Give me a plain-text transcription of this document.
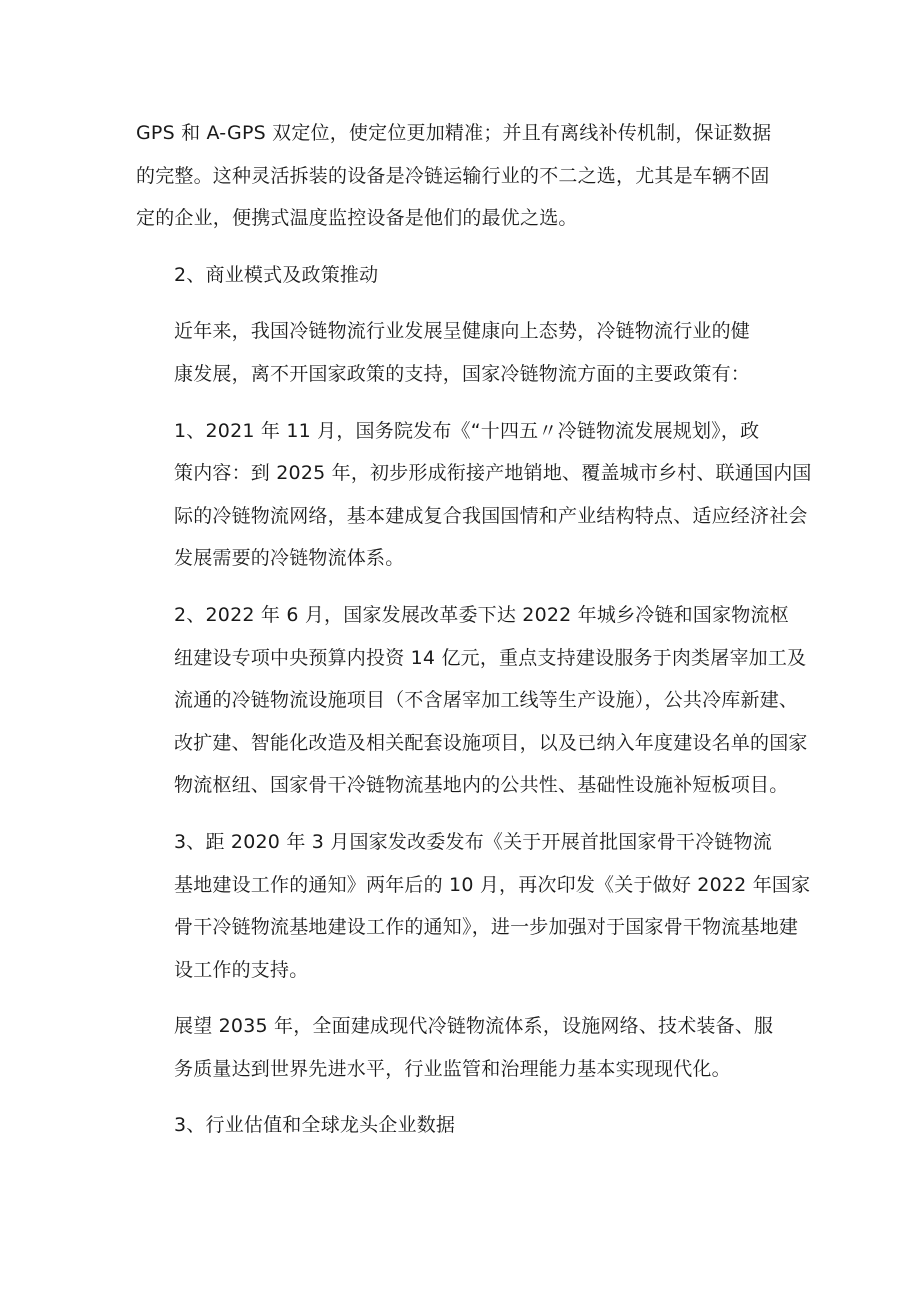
GPS 和 A-GPS 双定位，使定位更加精准；并且有离线补传机制，保证数据
的完整。这种灵活拆装的设备是冷链运输行业的不二之选，尤其是车辆不固
定的企业，便携式温度监控设备是他们的最优之选。

2、商业模式及政策推动

近年来，我国冷链物流行业发展呈健康向上态势，冷链物流行业的健
康发展，离不开国家政策的支持，国家冷链物流方面的主要政策有：

1、2021 年 11 月，国务院发布《“十四五〃冷链物流发展规划》，政
策内容：到 2025 年，初步形成衔接产地销地、覆盖城市乡村、联通国内国
际的冷链物流网络，基本建成复合我国国情和产业结构特点、适应经济社会
发展需要的冷链物流体系。

2、2022 年 6 月，国家发展改革委下达 2022 年城乡冷链和国家物流枢
纽建设专项中央预算内投资 14 亿元，重点支持建设服务于肉类屠宰加工及
流通的冷链物流设施项目（不含屠宰加工线等生产设施），公共冷库新建、
改扩建、智能化改造及相关配套设施项目，以及已纳入年度建设名单的国家
物流枢纽、国家骨干冷链物流基地内的公共性、基础性设施补短板项目。

3、距 2020 年 3 月国家发改委发布《关于开展首批国家骨干冷链物流
基地建设工作的通知》两年后的 10 月，再次印发《关于做好 2022 年国家
骨干冷链物流基地建设工作的通知》，进一步加强对于国家骨干物流基地建
设工作的支持。

展望 2035 年，全面建成现代冷链物流体系，设施网络、技术装备、服
务质量达到世界先进水平，行业监管和治理能力基本实现现代化。

3、行业估值和全球龙头企业数据
